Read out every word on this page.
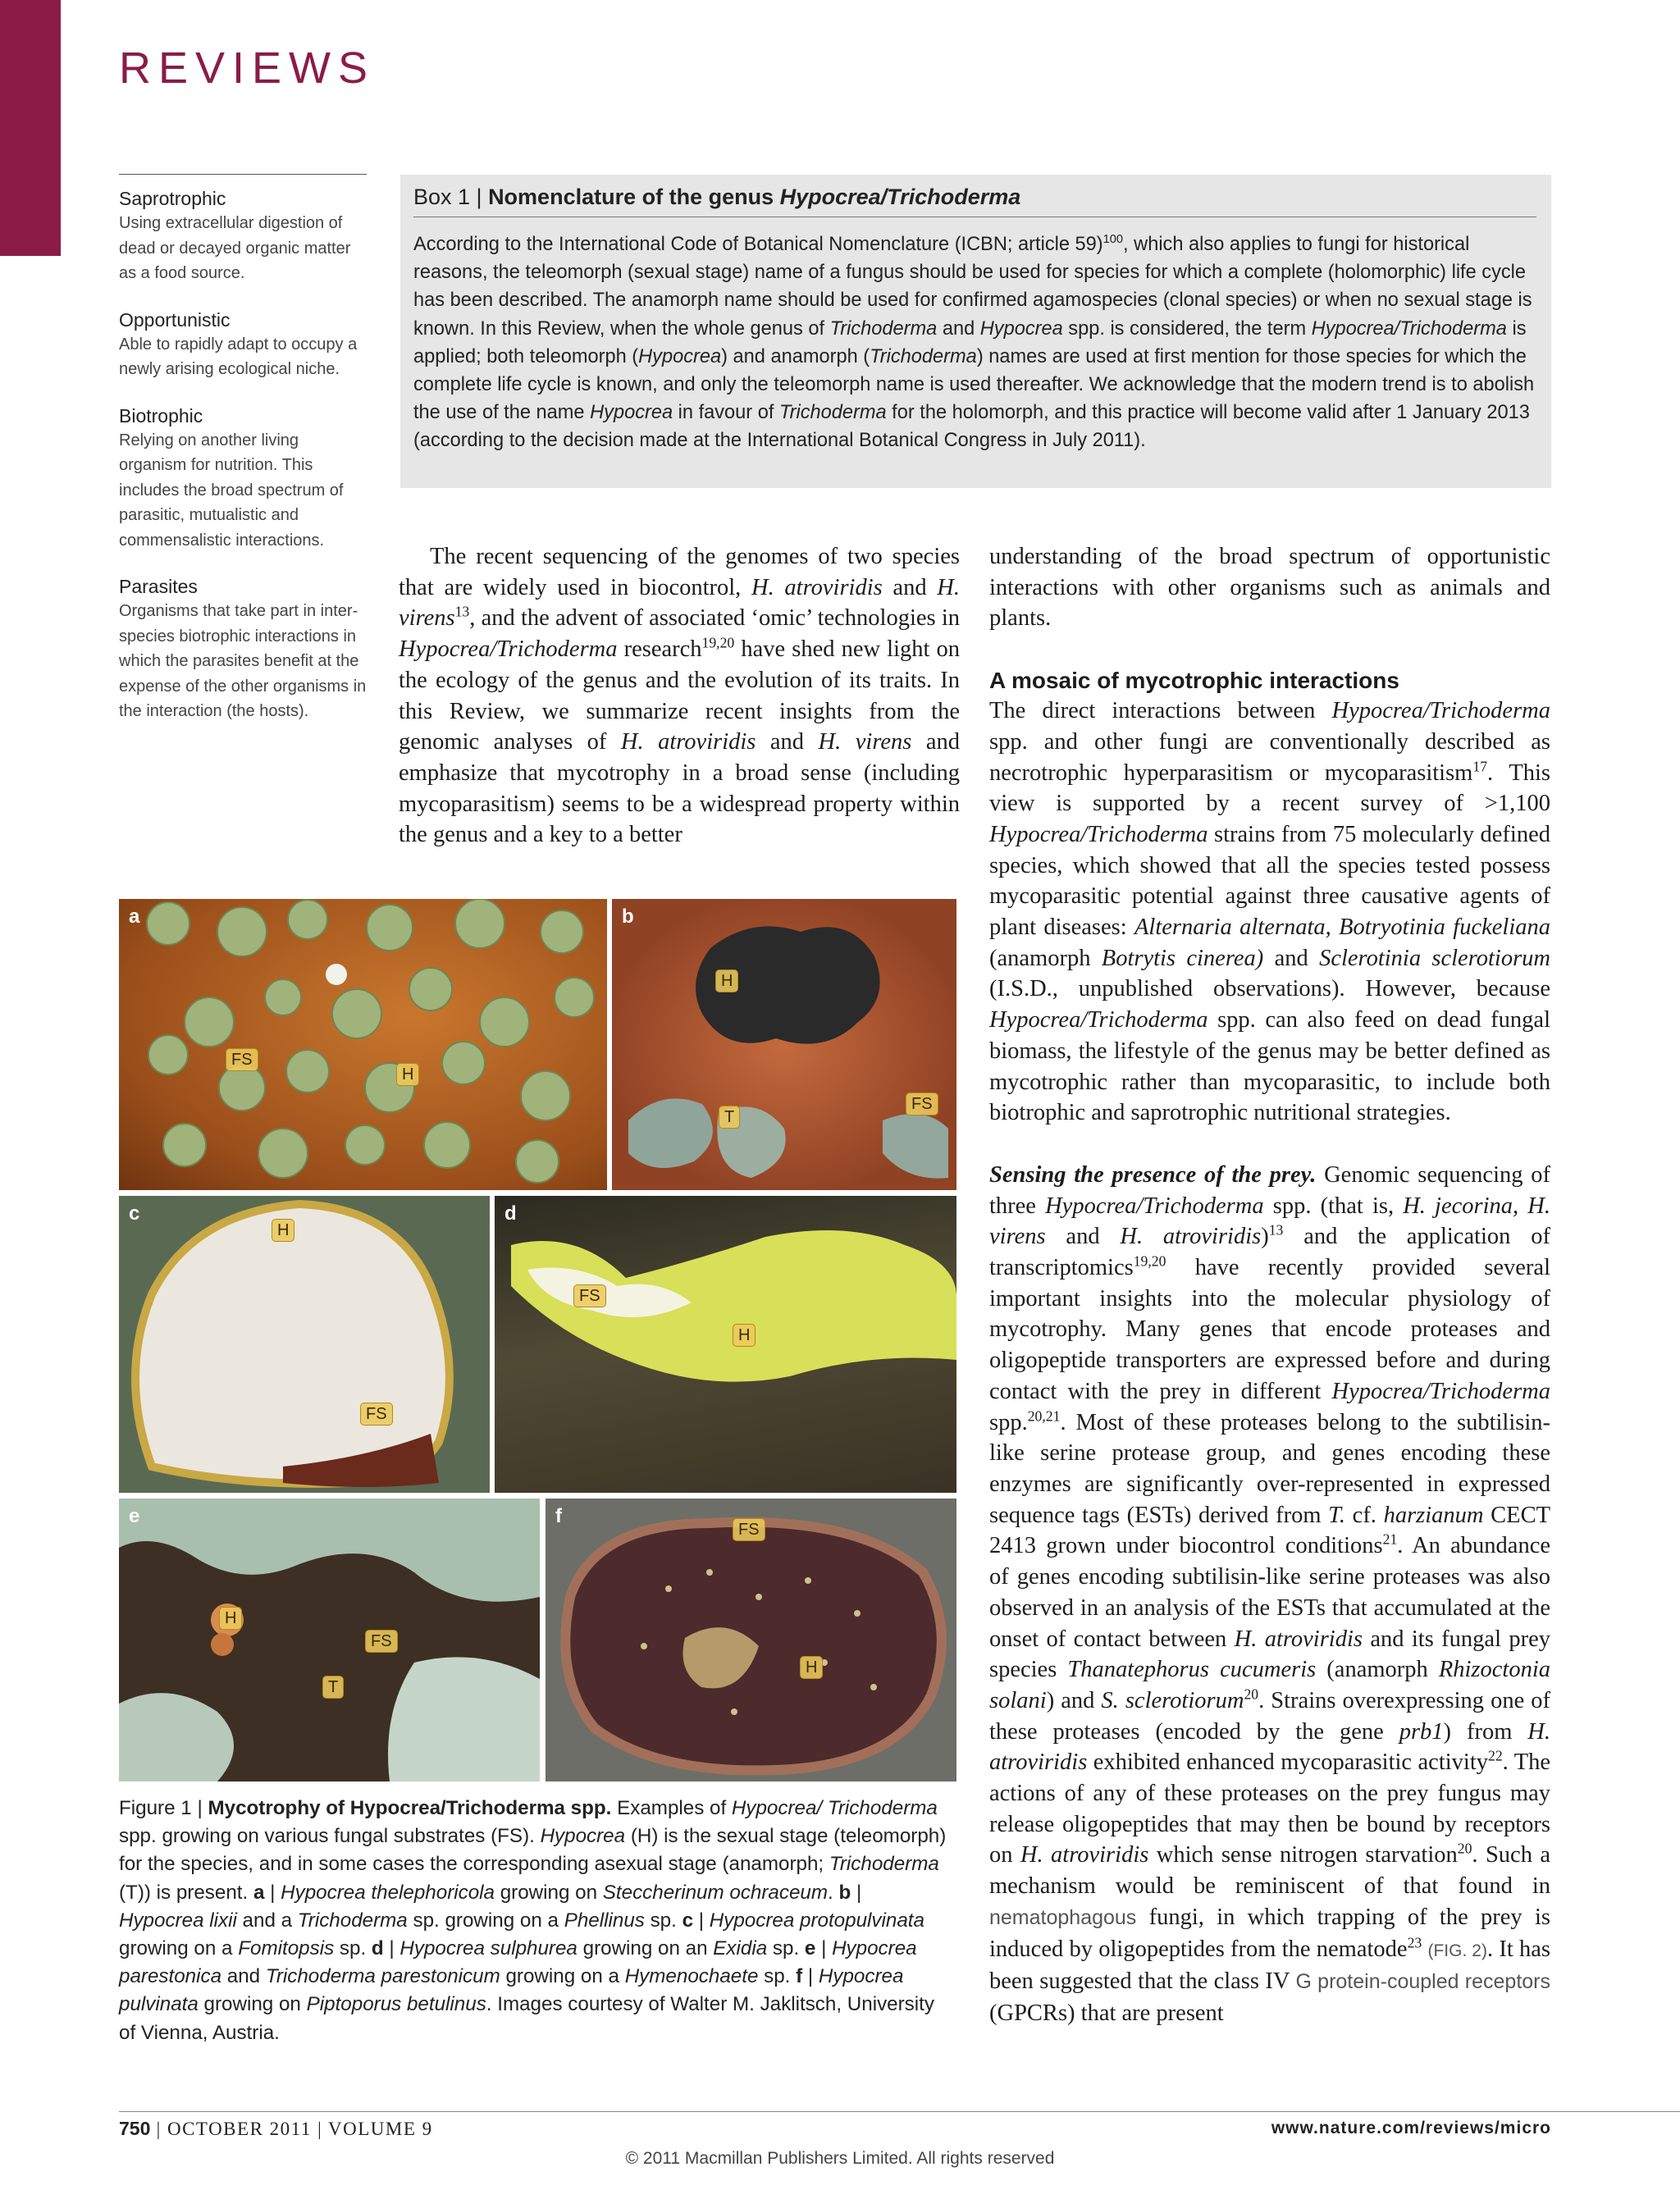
REVIEWS
Saprotrophic
Using extracellular digestion of dead or decayed organic matter as a food source.
Opportunistic
Able to rapidly adapt to occupy a newly arising ecological niche.
Biotrophic
Relying on another living organism for nutrition. This includes the broad spectrum of parasitic, mutualistic and commensalistic interactions.
Parasites
Organisms that take part in inter-species biotrophic interactions in which the parasites benefit at the expense of the other organisms in the interaction (the hosts).
Box 1 | Nomenclature of the genus Hypocrea/Trichoderma
According to the International Code of Botanical Nomenclature (ICBN; article 59)$^{100}$, which also applies to fungi for historical reasons, the teleomorph (sexual stage) name of a fungus should be used for species for which a complete (holomorphic) life cycle has been described. The anamorph name should be used for confirmed agamospecies (clonal species) or when no sexual stage is known. In this Review, when the whole genus of Trichoderma and Hypocrea spp. is considered, the term Hypocrea/Trichoderma is applied; both teleomorph (Hypocrea) and anamorph (Trichoderma) names are used at first mention for those species for which the complete life cycle is known, and only the teleomorph name is used thereafter. We acknowledge that the modern trend is to abolish the use of the name Hypocrea in favour of Trichoderma for the holomorph, and this practice will become valid after 1 January 2013 (according to the decision made at the International Botanical Congress in July 2011).

The recent sequencing of the genomes of two species that are widely used in biocontrol, H. atroviridis and H. virens$^{13}$, and the advent of associated ‘omic’ technologies in Hypocrea/Trichoderma research$^{19,20}$ have shed new light on the ecology of the genus and the evolution of its traits. In this Review, we summarize recent insights from the genomic analyses of H. atroviridis and H. virens and emphasize that mycotrophy in a broad sense (including mycoparasitism) seems to be a widespread property within the genus and a key to a better

understanding of the broad spectrum of opportunistic interactions with other organisms such as animals and plants.

A mosaic of mycotrophic interactions

The direct interactions between Hypocrea/Trichoderma spp. and other fungi are conventionally described as necrotrophic hyperparasitism or mycoparasitism$^{17}$. This view is supported by a recent survey of >1,100 Hypocrea/Trichoderma strains from 75 molecularly defined species, which showed that all the species tested possess mycoparasitic potential against three causative agents of plant diseases: Alternaria alternata, Botryotinia fuckeliana (anamorph Botrytis cinerea) and Sclerotinia sclerotiorum (I.S.D., unpublished observations). However, because Hypocrea/Trichoderma spp. can also feed on dead fungal biomass, the lifestyle of the genus may be better defined as mycotrophic rather than mycoparasitic, to include both biotrophic and saprotrophic nutritional strategies.

Sensing the presence of the prey. Genomic sequencing of three Hypocrea/Trichoderma spp. (that is, H. jecorina, H. virens and H. atroviridis)$^{13}$ and the application of transcriptomics$^{19,20}$ have recently provided several important insights into the molecular physiology of mycotrophy. Many genes that encode proteases and oligopeptide transporters are expressed before and during contact with the prey in different Hypocrea/Trichoderma spp.$^{20,21}$. Most of these proteases belong to the subtilisin-like serine protease group, and genes encoding these enzymes are significantly over-represented in expressed sequence tags (ESTs) derived from T. cf. harzianum CECT 2413 grown under biocontrol conditions$^{21}$. An abundance of genes encoding subtilisin-like serine proteases was also observed in an analysis of the ESTs that accumulated at the onset of contact between H. atroviridis and its fungal prey species Thanatephorus cucumeris (anamorph Rhizoctonia solani) and S. sclerotiorum$^{20}$. Strains overexpressing one of these proteases (encoded by the gene prb1) from H. atroviridis exhibited enhanced mycoparasitic activity$^{22}$. The actions of any of these proteases on the prey fungus may release oligopeptides that may then be bound by receptors on H. atroviridis which sense nitrogen starvation$^{20}$. Such a mechanism would be reminiscent of that found in nematophagous fungi, in which trapping of the prey is induced by oligopeptides from the nematode$^{23}$ (FIG. 2). It has been suggested that the class IV G protein-coupled receptors (GPCRs) that are present

a
FS
H
b
H
T
FS
c
H
FS
d
FS
H
e
H
FS
T
f
FS
H
Figure 1 | Mycotrophy of Hypocrea/Trichoderma spp. Examples of Hypocrea/ Trichoderma spp. growing on various fungal substrates (FS). Hypocrea (H) is the sexual stage (teleomorph) for the species, and in some cases the corresponding asexual stage (anamorph; Trichoderma (T)) is present. a | Hypocrea thelephoricola growing on Steccherinum ochraceum. b | Hypocrea lixii and a Trichoderma sp. growing on a Phellinus sp. c | Hypocrea protopulvinata growing on a Fomitopsis sp. d | Hypocrea sulphurea growing on an Exidia sp. e | Hypocrea parestonica and Trichoderma parestonicum growing on a Hymenochaete sp. f | Hypocrea pulvinata growing on Piptoporus betulinus. Images courtesy of Walter M. Jaklitsch, University of Vienna, Austria.
750 | OCTOBER 2011 | VOLUME 9	www.nature.com/reviews/micro
© 2011 Macmillan Publishers Limited. All rights reserved
